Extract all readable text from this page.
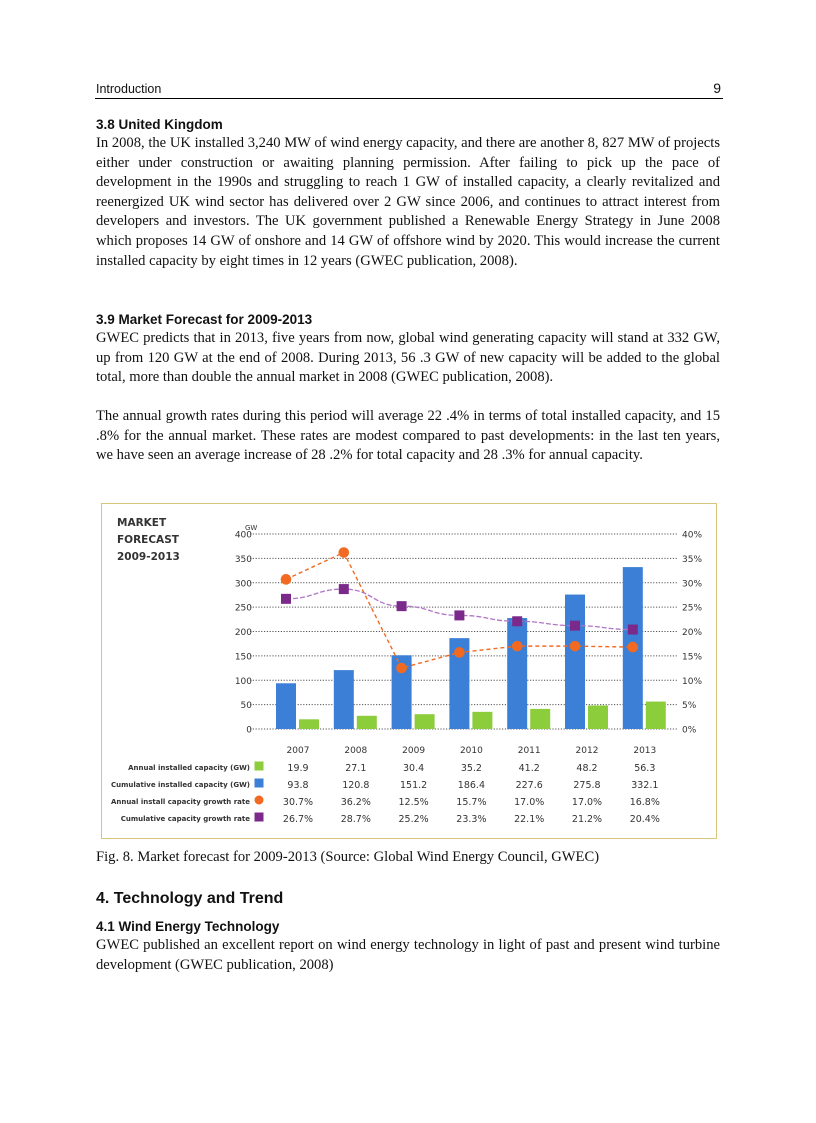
Introduction	9
3.8 United Kingdom
In 2008, the UK installed 3,240 MW of wind energy capacity, and there are another 8, 827 MW of projects either under construction or awaiting planning permission. After failing to pick up the pace of development in the 1990s and struggling to reach 1 GW of installed capacity, a clearly revitalized and reenergized UK wind sector has delivered over 2 GW since 2006, and continues to attract interest from developers and investors. The UK government published a Renewable Energy Strategy in June 2008 which proposes 14 GW of onshore and 14 GW of offshore wind by 2020. This would increase the current installed capacity by eight times in 12 years (GWEC publication, 2008).
3.9 Market Forecast for 2009-2013
GWEC predicts that in 2013, five years from now, global wind generating capacity will stand at 332 GW, up from 120 GW at the end of 2008. During 2013, 56 .3 GW of new capacity will be added to the global total, more than double the annual market in 2008 (GWEC publication, 2008).
The annual growth rates during this period will average 22 .4% in terms of total installed capacity, and 15 .8% for the annual market. These rates are modest compared to past developments: in the last ten years, we have seen an average increase of 28 .2% for total capacity and 28 .3% for annual capacity.
MARKET
FORECAST
2009-2013
GW
0
50
100
150
200
250
300
350
400
0%
5%
10%
15%
20%
25%
30%
35%
40%
2007	2008	2009	2010	2011	2012	2013
Annual installed capacity (GW)	19.9	27.1	30.4	35.2	41.2	48.2	56.3
Cumulative installed capacity (GW)	93.8	120.8	151.2	186.4	227.6	275.8	332.1
Annual install capacity growth rate	30.7%	36.2%	12.5%	15.7%	17.0%	17.0%	16.8%
Cumulative capacity growth rate	26.7%	28.7%	25.2%	23.3%	22.1%	21.2%	20.4%
Fig. 8. Market forecast for 2009-2013 (Source: Global Wind Energy Council, GWEC)
4. Technology and Trend
4.1 Wind Energy Technology
GWEC published an excellent report on wind energy technology in light of past and present wind turbine development (GWEC publication, 2008)
